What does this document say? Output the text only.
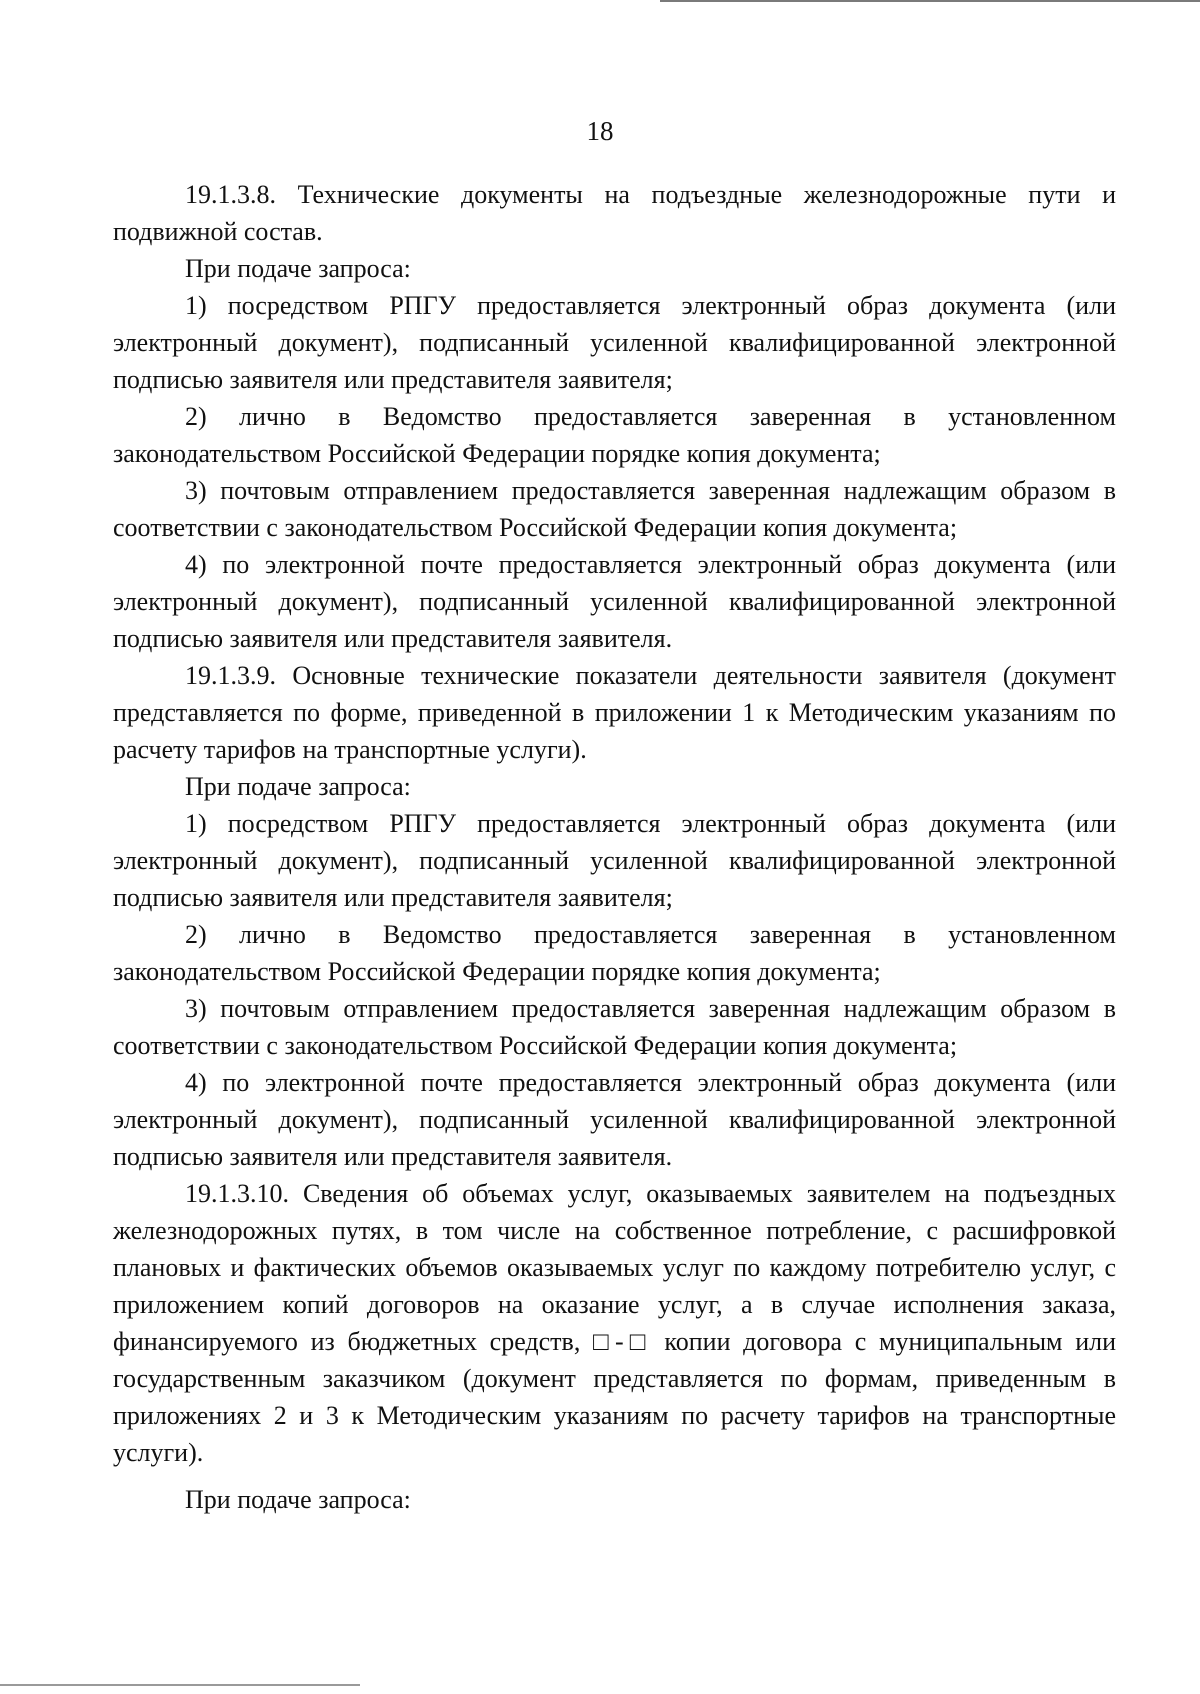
18

19.1.3.8. Технические документы на подъездные железнодорожные пути и подвижной состав.

При подаче запроса:

1) посредством РПГУ предоставляется электронный образ документа (или электронный документ), подписанный усиленной квалифицированной электронной подписью заявителя или представителя заявителя;

2) лично в Ведомство предоставляется заверенная в установленном законодательством Российской Федерации порядке копия документа;

3) почтовым отправлением предоставляется заверенная надлежащим образом в соответствии с законодательством Российской Федерации копия документа;

4) по электронной почте предоставляется электронный образ документа (или электронный документ), подписанный усиленной квалифицированной электронной подписью заявителя или представителя заявителя.

19.1.3.9. Основные технические показатели деятельности заявителя (документ представляется по форме, приведенной в приложении 1 к Методическим указаниям по расчету тарифов на транспортные услуги).

При подаче запроса:

1) посредством РПГУ предоставляется электронный образ документа (или электронный документ), подписанный усиленной квалифицированной электронной подписью заявителя или представителя заявителя;

2) лично в Ведомство предоставляется заверенная в установленном законодательством Российской Федерации порядке копия документа;

3) почтовым отправлением предоставляется заверенная надлежащим образом в соответствии с законодательством Российской Федерации копия документа;

4) по электронной почте предоставляется электронный образ документа (или электронный документ), подписанный усиленной квалифицированной электронной подписью заявителя или представителя заявителя.

19.1.3.10. Сведения об объемах услуг, оказываемых заявителем на подъездных железнодорожных путях, в том числе на собственное потребление, с расшифровкой плановых и фактических объемов оказываемых услуг по каждому потребителю услуг, с приложением копий договоров на оказание услуг, а в случае исполнения заказа, финансируемого из бюджетных средств, □-□ копии договора с муниципальным или государственным заказчиком (документ представляется по формам, приведенным в приложениях 2 и 3 к Методическим указаниям по расчету тарифов на транспортные услуги).

При подаче запроса:
